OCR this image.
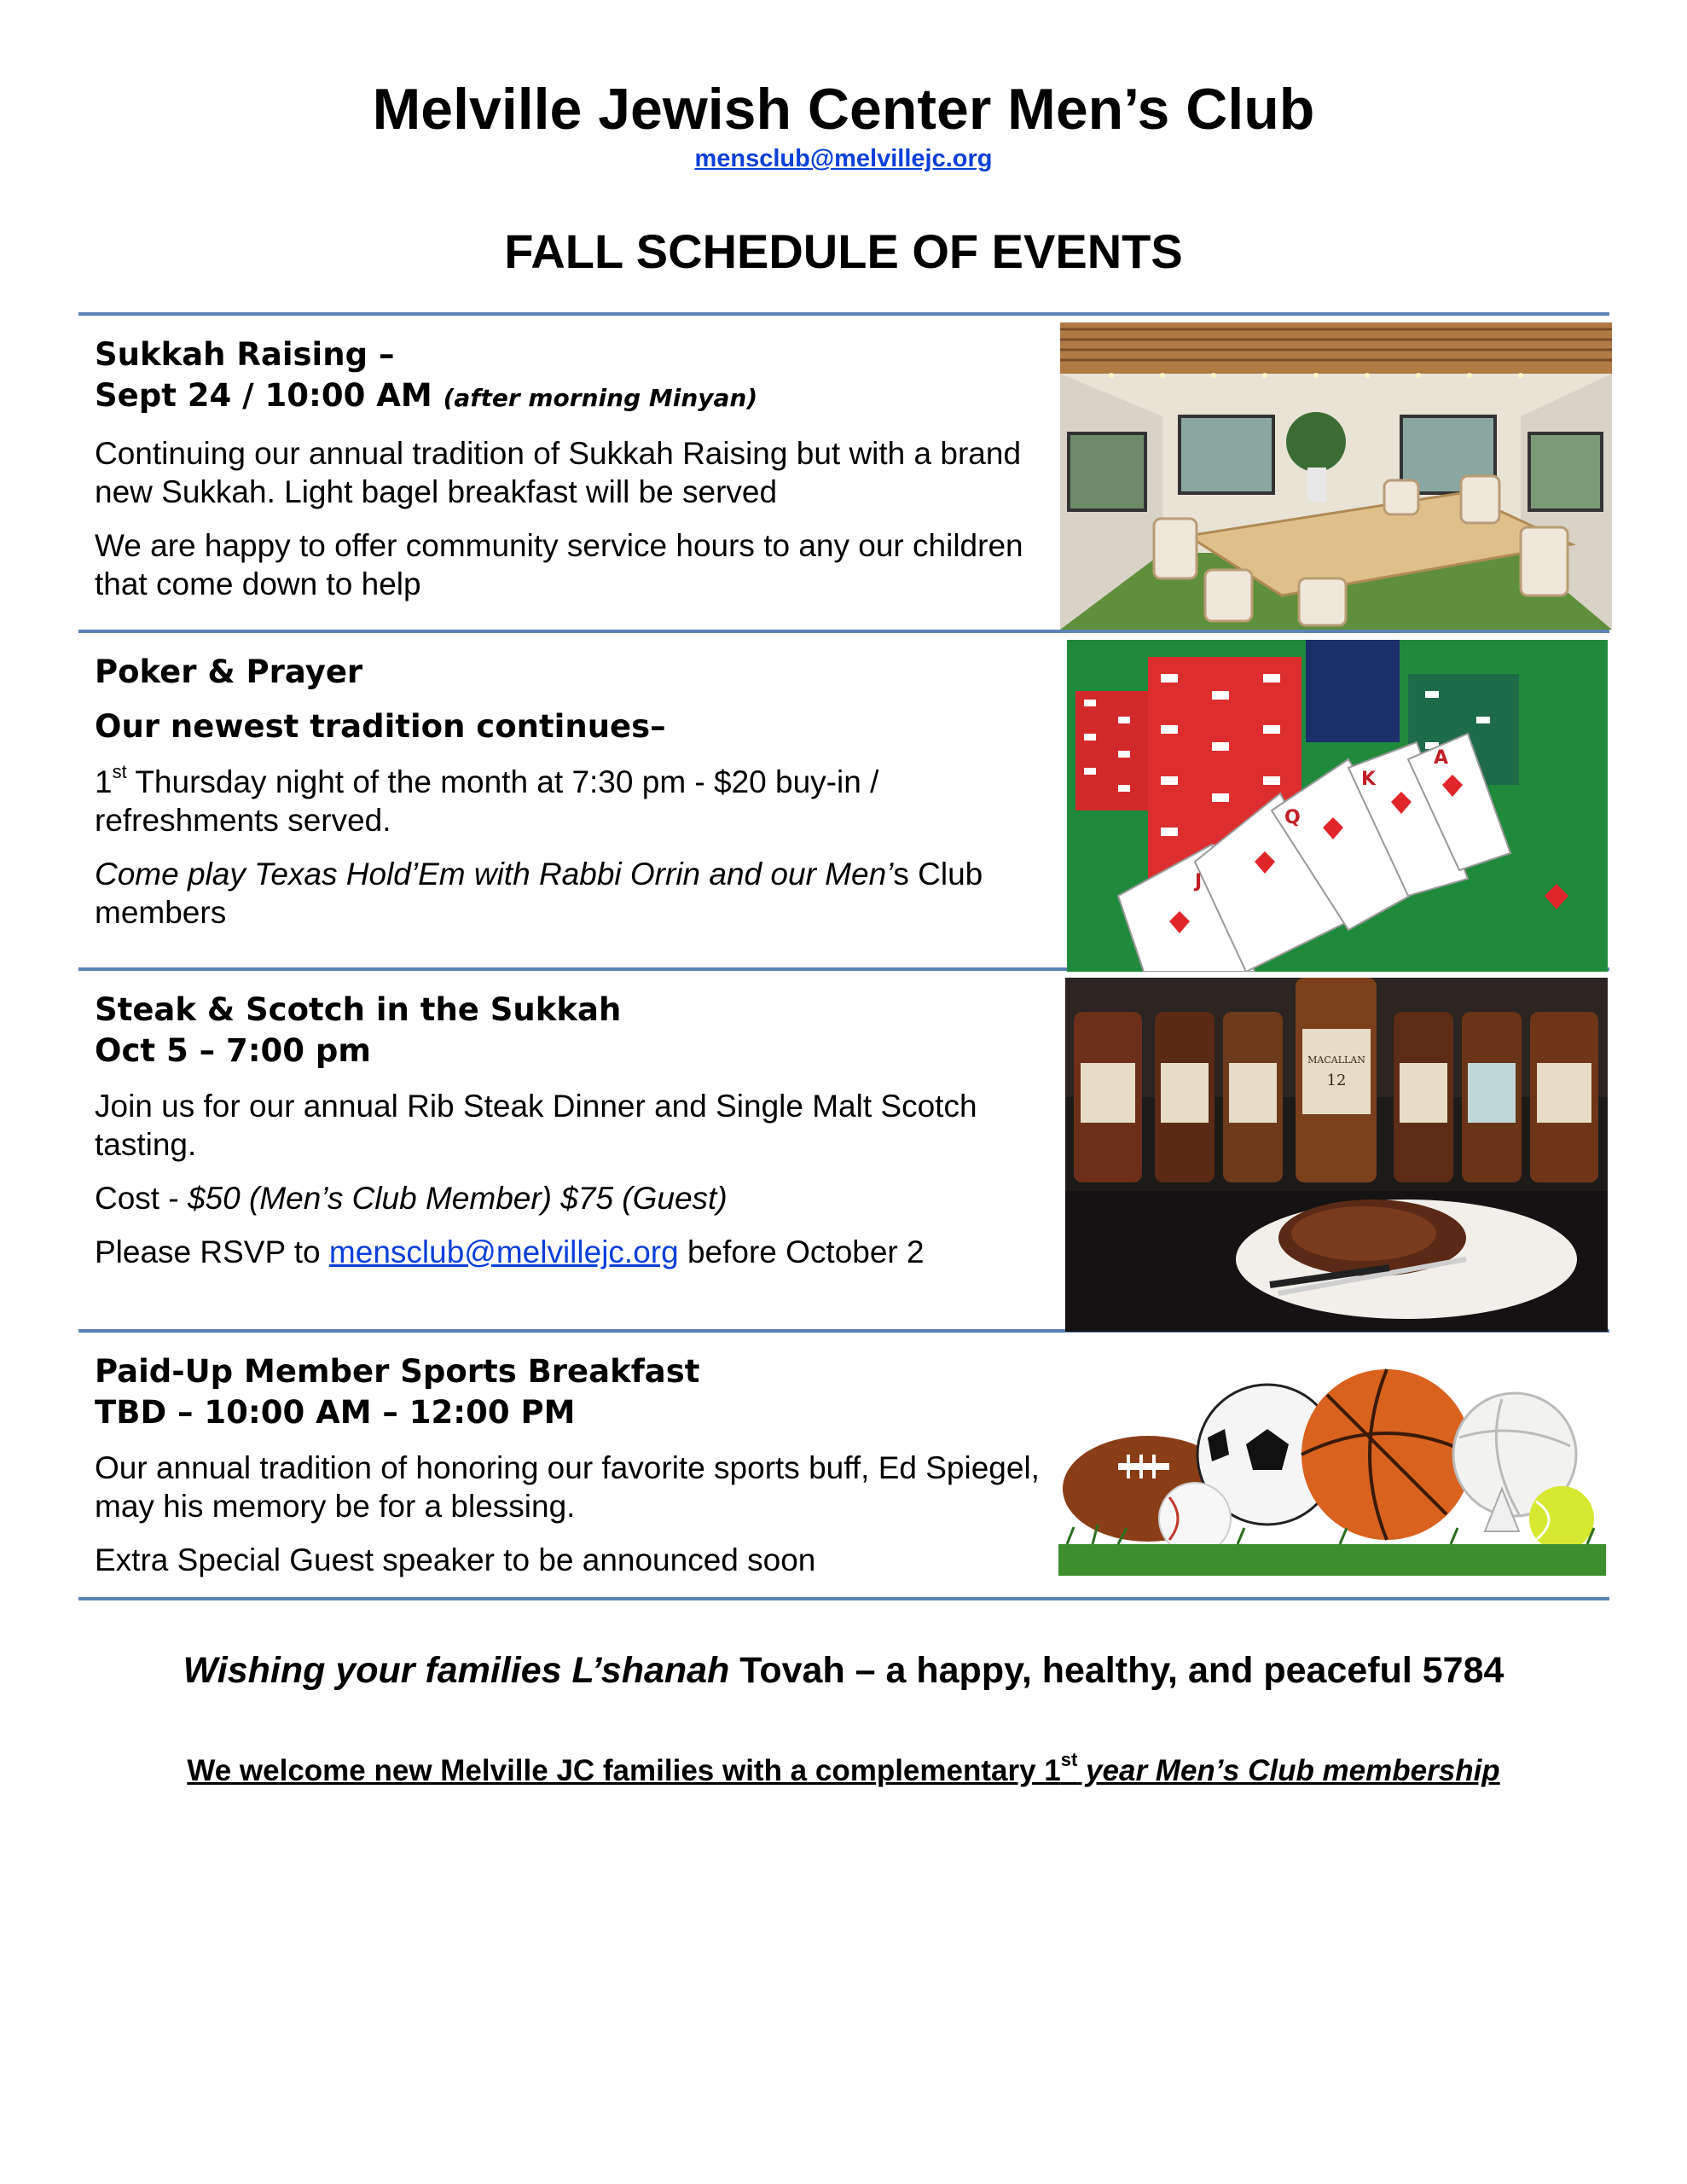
Melville Jewish Center Men’s Club
mensclub@melvillejc.org
FALL SCHEDULE OF EVENTS

Sukkah Raising –
Sept 24 / 10:00 AM (after morning Minyan)

Continuing our annual tradition of Sukkah Raising but with a brand new Sukkah. Light bagel breakfast will be served

We are happy to offer community service hours to any our children that come down to help

Poker & Prayer

Our newest tradition continues–

1st Thursday night of the month at 7:30 pm - $20 buy-in / refreshments served.

Come play Texas Hold’Em with Rabbi Orrin and our Men’s Club members

Steak & Scotch in the Sukkah
Oct 5 – 7:00 pm

Join us for our annual Rib Steak Dinner and Single Malt Scotch tasting.

Cost - $50 (Men’s Club Member) $75 (Guest)

Please RSVP to mensclub@melvillejc.org before October 2

Paid-Up Member Sports Breakfast
TBD – 10:00 AM – 12:00 PM

Our annual tradition of honoring our favorite sports buff, Ed Spiegel, may his memory be for a blessing.

Extra Special Guest speaker to be announced soon

J
Q
K
A
MACALLAN
12
Wishing your families L’shanah Tovah – a happy, healthy, and peaceful 5784
We welcome new Melville JC families with a complementary 1st year Men’s Club membership
